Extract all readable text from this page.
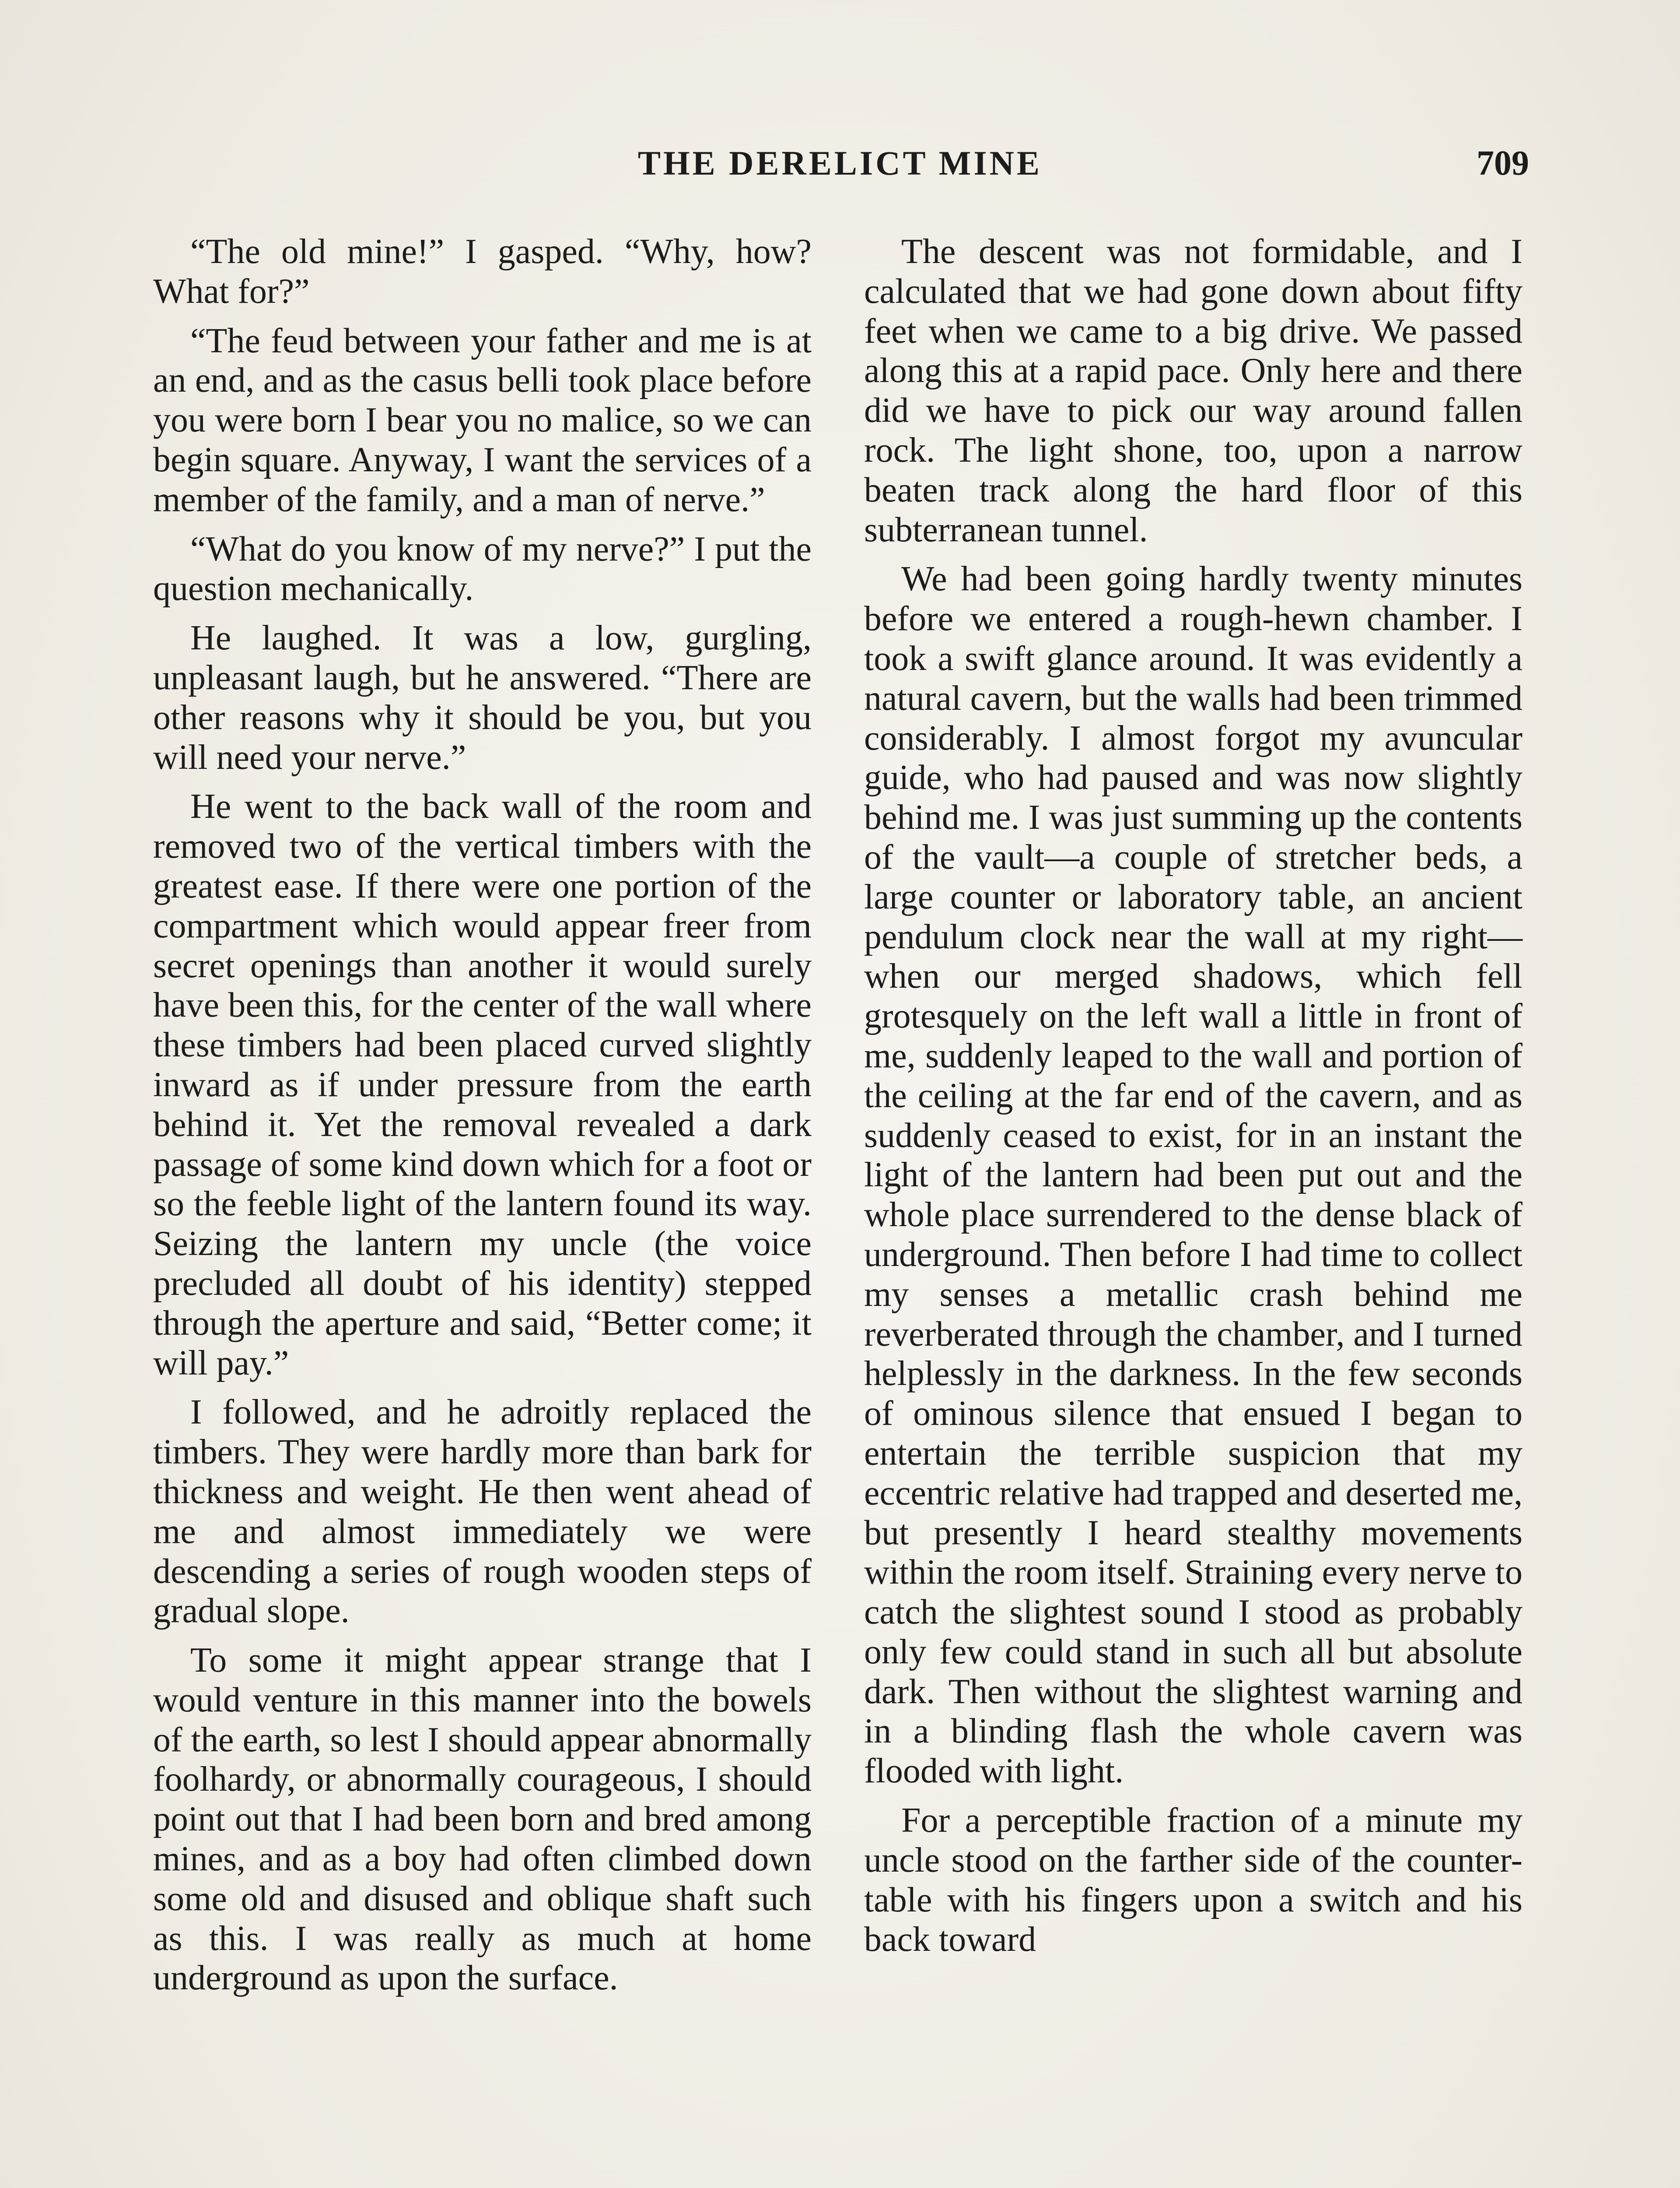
THE DERELICT MINE	709

“The old mine!” I gasped. “Why, how? What for?”

“The feud between your father and me is at an end, and as the casus belli took place before you were born I bear you no malice, so we can begin square. Anyway, I want the services of a member of the family, and a man of nerve.”

“What do you know of my nerve?” I put the question mechanically.

He laughed. It was a low, gurgling, unpleasant laugh, but he answered. “There are other reasons why it should be you, but you will need your nerve.”

He went to the back wall of the room and removed two of the vertical timbers with the greatest ease. If there were one portion of the compartment which would appear freer from secret openings than another it would surely have been this, for the center of the wall where these timbers had been placed curved slightly inward as if under pressure from the earth behind it. Yet the removal revealed a dark passage of some kind down which for a foot or so the feeble light of the lantern found its way. Seizing the lantern my uncle (the voice precluded all doubt of his identity) stepped through the aperture and said, “Better come; it will pay.”

I followed, and he adroitly replaced the timbers. They were hardly more than bark for thickness and weight. He then went ahead of me and almost immediately we were descending a series of rough wooden steps of gradual slope.

To some it might appear strange that I would venture in this manner into the bowels of the earth, so lest I should appear abnormally foolhardy, or abnormally courageous, I should point out that I had been born and bred among mines, and as a boy had often climbed down some old and disused and oblique shaft such as this. I was really as much at home underground as upon the surface.

The descent was not formidable, and I calculated that we had gone down about fifty feet when we came to a big drive. We passed along this at a rapid pace. Only here and there did we have to pick our way around fallen rock. The light shone, too, upon a narrow beaten track along the hard floor of this subterranean tunnel.

We had been going hardly twenty minutes before we entered a rough-hewn chamber. I took a swift glance around. It was evidently a natural cavern, but the walls had been trimmed considerably. I almost forgot my avuncular guide, who had paused and was now slightly behind me. I was just summing up the contents of the vault—a couple of stretcher beds, a large counter or laboratory table, an ancient pendulum clock near the wall at my right—when our merged shadows, which fell grotesquely on the left wall a little in front of me, suddenly leaped to the wall and portion of the ceiling at the far end of the cavern, and as suddenly ceased to exist, for in an instant the light of the lantern had been put out and the whole place surrendered to the dense black of underground. Then before I had time to collect my senses a metallic crash behind me reverberated through the chamber, and I turned helplessly in the darkness. In the few seconds of ominous silence that ensued I began to entertain the terrible suspicion that my eccentric relative had trapped and deserted me, but presently I heard stealthy movements within the room itself. Straining every nerve to catch the slightest sound I stood as probably only few could stand in such all but absolute dark. Then without the slightest warning and in a blinding flash the whole cavern was flooded with light.

For a perceptible fraction of a minute my uncle stood on the farther side of the counter-table with his fingers upon a switch and his back toward
